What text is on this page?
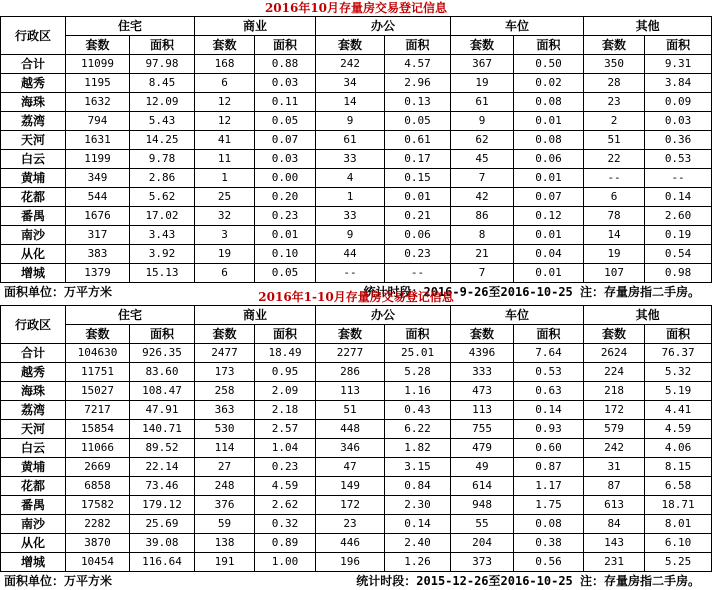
2016年10月存量房交易登记信息
行政区	住宅		商业		办公		车位		其他	
	套数	面积	套数	面积	套数	面积	套数	面积	套数	面积
合计	11099	97.98	168	0.88	242	4.57	367	0.50	350	9.31
越秀	1195	8.45	6	0.03	34	2.96	19	0.02	28	3.84
海珠	1632	12.09	12	0.11	14	0.13	61	0.08	23	0.09
荔湾	794	5.43	12	0.05	9	0.05	9	0.01	2	0.03
天河	1631	14.25	41	0.07	61	0.61	62	0.08	51	0.36
白云	1199	9.78	11	0.03	33	0.17	45	0.06	22	0.53
黄埔	349	2.86	1	0.00	4	0.15	7	0.01	--	--
花都	544	5.62	25	0.20	1	0.01	42	0.07	6	0.14
番禺	1676	17.02	32	0.23	33	0.21	86	0.12	78	2.60
南沙	317	3.43	3	0.01	9	0.06	8	0.01	14	0.19
从化	383	3.92	19	0.10	44	0.23	21	0.04	19	0.54
增城	1379	15.13	6	0.05	--	--	7	0.01	107	0.98
面积单位：万平方米	统计时段：2016-9-26至2016-10-25 注：存量房指二手房。
2016年1-10月存量房交易登记信息
行政区	住宅		商业		办公		车位		其他	
	套数	面积	套数	面积	套数	面积	套数	面积	套数	面积
合计	104630	926.35	2477	18.49	2277	25.01	4396	7.64	2624	76.37
越秀	11751	83.60	173	0.95	286	5.28	333	0.53	224	5.32
海珠	15027	108.47	258	2.09	113	1.16	473	0.63	218	5.19
荔湾	7217	47.91	363	2.18	51	0.43	113	0.14	172	4.41
天河	15854	140.71	530	2.57	448	6.22	755	0.93	579	4.59
白云	11066	89.52	114	1.04	346	1.82	479	0.60	242	4.06
黄埔	2669	22.14	27	0.23	47	3.15	49	0.87	31	8.15
花都	6858	73.46	248	4.59	149	0.84	614	1.17	87	6.58
番禺	17582	179.12	376	2.62	172	2.30	948	1.75	613	18.71
南沙	2282	25.69	59	0.32	23	0.14	55	0.08	84	8.01
从化	3870	39.08	138	0.89	446	2.40	204	0.38	143	6.10
增城	10454	116.64	191	1.00	196	1.26	373	0.56	231	5.25
面积单位：万平方米	统计时段：2015-12-26至2016-10-25 注：存量房指二手房。
